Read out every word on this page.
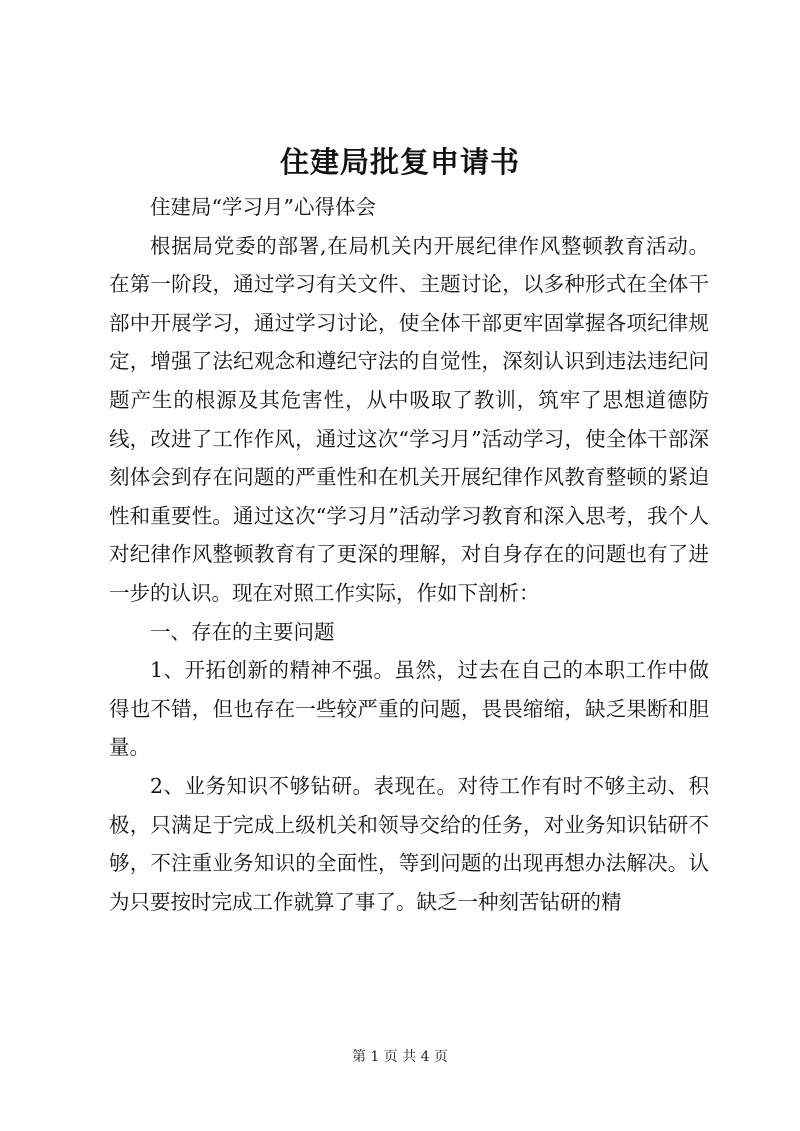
住建局批复申请书

住建局“学习月”心得体会

根据局党委的部署,在局机关内开展纪律作风整顿教育活动。在第一阶段，通过学习有关文件、主题讨论，以多种形式在全体干部中开展学习，通过学习讨论，使全体干部更牢固掌握各项纪律规定，增强了法纪观念和遵纪守法的自觉性，深刻认识到违法违纪问题产生的根源及其危害性，从中吸取了教训，筑牢了思想道德防线，改进了工作作风，通过这次“学习月”活动学习，使全体干部深刻体会到存在问题的严重性和在机关开展纪律作风教育整顿的紧迫性和重要性。通过这次“学习月”活动学习教育和深入思考，我个人对纪律作风整顿教育有了更深的理解，对自身存在的问题也有了进一步的认识。现在对照工作实际，作如下剖析：

一、存在的主要问题

1、开拓创新的精神不强。虽然，过去在自己的本职工作中做得也不错，但也存在一些较严重的问题，畏畏缩缩，缺乏果断和胆量。

2、业务知识不够钻研。表现在。对待工作有时不够主动、积极，只满足于完成上级机关和领导交给的任务，对业务知识钻研不够，不注重业务知识的全面性，等到问题的出现再想办法解决。认为只要按时完成工作就算了事了。缺乏一种刻苦钻研的精

第 1 页 共 4 页
